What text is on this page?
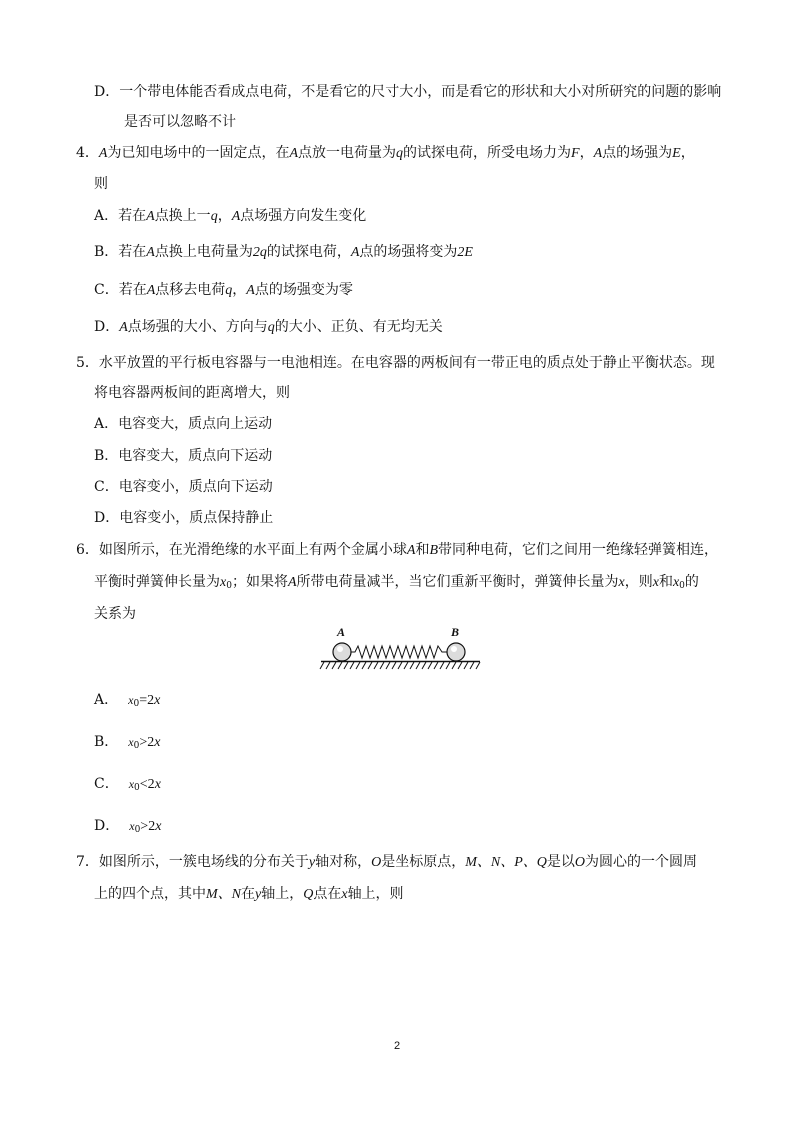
D．一个带电体能否看成点电荷，不是看它的尺寸大小，而是看它的形状和大小对所研究的问题的影响
是否可以忽略不计
4．A为已知电场中的一固定点，在A点放一电荷量为q的试探电荷，所受电场力为F，A点的场强为E，
则
A．若在A点换上一q，A点场强方向发生变化
B．若在A点换上电荷量为2q的试探电荷，A点的场强将变为2E
C．若在A点移去电荷q，A点的场强变为零
D．A点场强的大小、方向与q的大小、正负、有无均无关
5．水平放置的平行板电容器与一电池相连。在电容器的两板间有一带正电的质点处于静止平衡状态。现
将电容器两板间的距离增大，则
A．电容变大，质点向上运动
B．电容变大，质点向下运动
C．电容变小，质点向下运动
D．电容变小，质点保持静止
6．如图所示，在光滑绝缘的水平面上有两个金属小球A和B带同种电荷，它们之间用一绝缘轻弹簧相连，
平衡时弹簧伸长量为$x_0$；如果将A所带电荷量减半，当它们重新平衡时，弹簧伸长量为x，则x和$x_0$的
关系为
A	B
A． $x_0=2x$
B． $x_0>2x$
C． $x_0<2x$
D． $x_0>2x$
7．如图所示，一簇电场线的分布关于y轴对称，O是坐标原点，M、N、P、Q是以O为圆心的一个圆周
上的四个点，其中M、N在y轴上，Q点在x轴上，则
2
